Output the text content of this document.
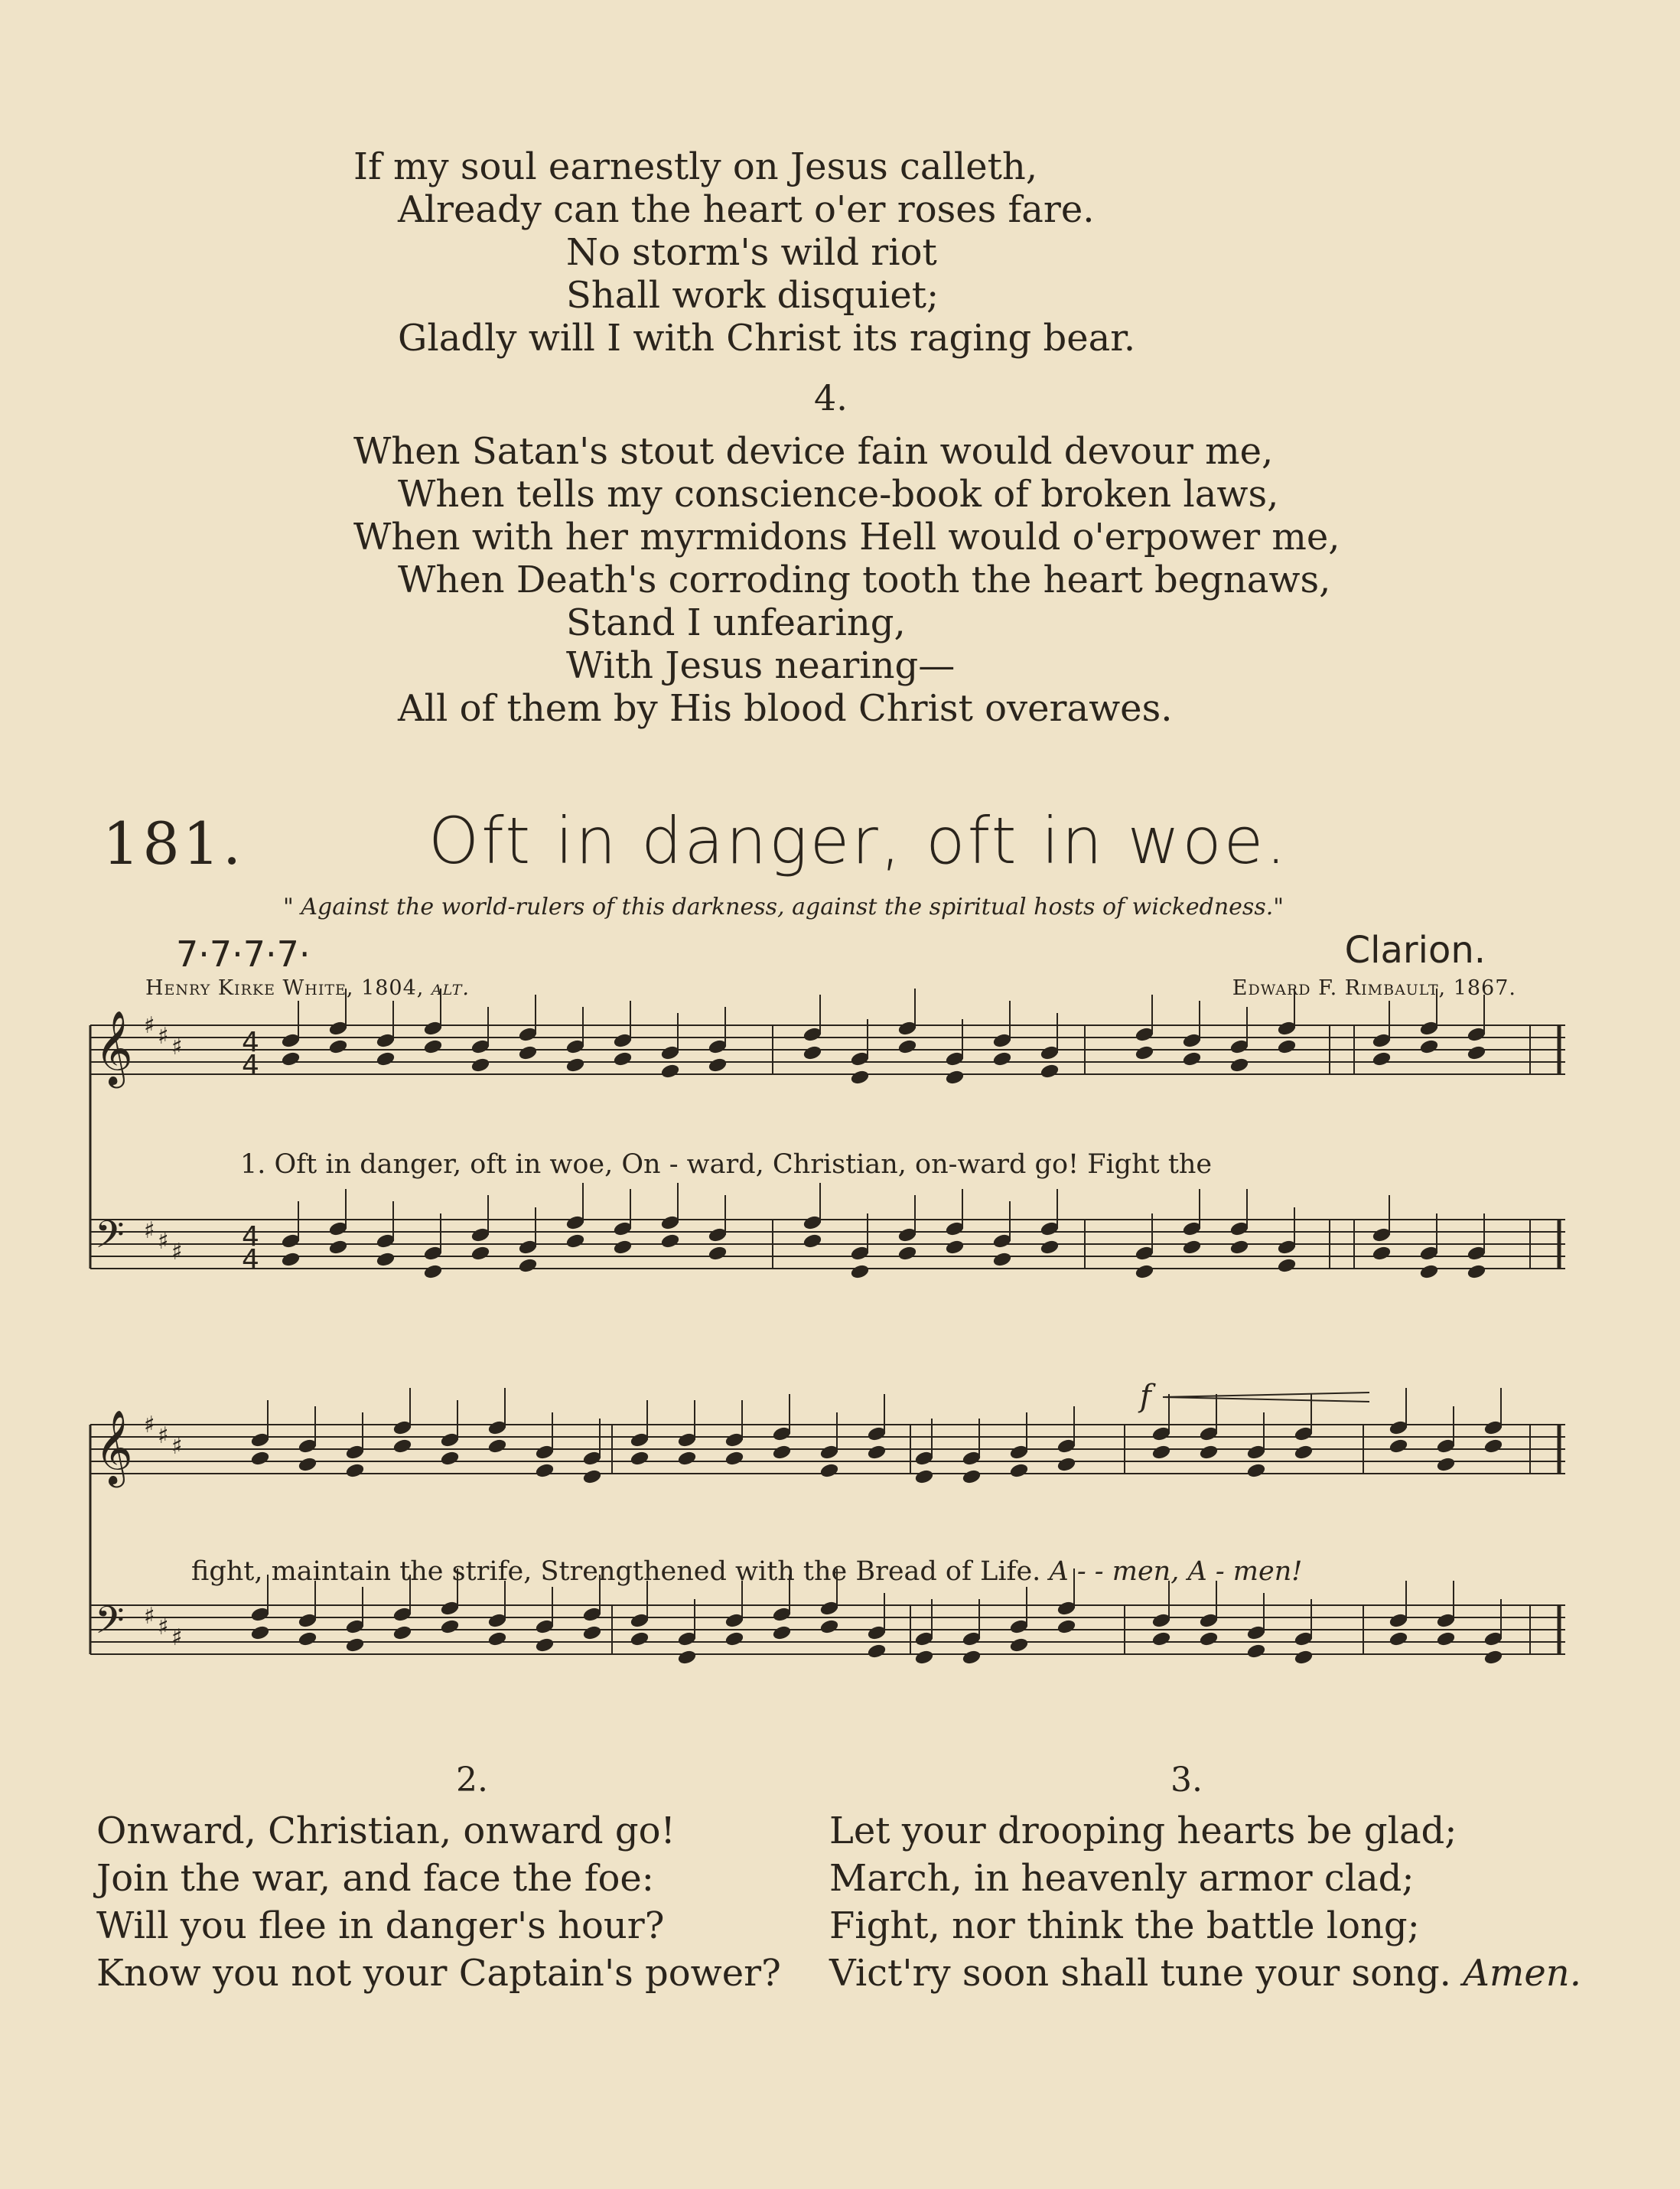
If my soul earnestly on Jesus calleth,
Already can the heart o'er roses fare.
No storm's wild riot
Shall work disquiet;
Gladly will I with Christ its raging bear.
4.
When Satan's stout device fain would devour me,
When tells my conscience-book of broken laws,
When with her myrmidons Hell would o'erpower me,
When Death's corroding tooth the heart begnaws,
Stand I unfearing,
With Jesus nearing—
All of them by His blood Christ overawes.
181.	Oft in danger, oft in woe.
" Against the world-rulers of this darkness, against the spiritual hosts of wickedness."
7·7·7·7·	Clarion.
Henry Kirke White, 1804, alt.	Edward F. Rimbault, 1867.
𝄞
𝄢
♯
♯
♯
♯
♯
♯
4
4
4
4
𝄞
𝄢
♯
♯
♯
♯
♯
♯
f
1. Oft in danger, oft in woe, On - ward, Christian, on-ward go! Fight the
fight, maintain the strife, Strengthened with the Bread of Life. A - - men, A - men!
2.
Onward, Christian, onward go!
Join the war, and face the foe:
Will you flee in danger's hour?
Know you not your Captain's power?
3.
Let your drooping hearts be glad;
March, in heavenly armor clad;
Fight, nor think the battle long;
Vict'ry soon shall tune your song. Amen.
